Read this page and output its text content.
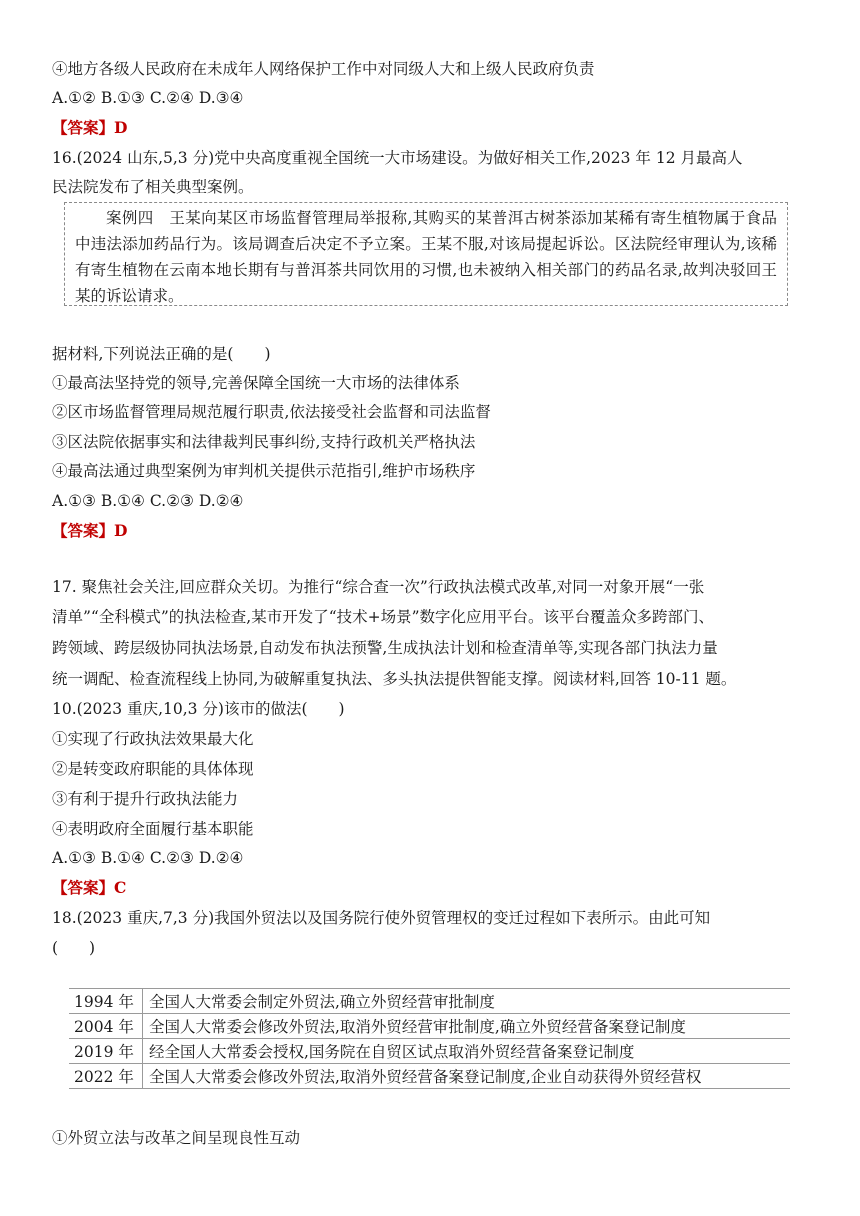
④地方各级人民政府在未成年人网络保护工作中对同级人大和上级人民政府负责
A.①② B.①③ C.②④ D.③④
【答案】D
16.(2024 山东,5,3 分)党中央高度重视全国统一大市场建设。为做好相关工作,2023 年 12 月最高人
民法院发布了相关典型案例。

案例四　王某向某区市场监督管理局举报称,其购买的某普洱古树茶添加某稀有寄生植物属于食品中违法添加药品行为。该局调查后决定不予立案。王某不服,对该局提起诉讼。区法院经审理认为,该稀有寄生植物在云南本地长期有与普洱茶共同饮用的习惯,也未被纳入相关部门的药品名录,故判决驳回王某的诉讼请求。

据材料,下列说法正确的是(　　)
①最高法坚持党的领导,完善保障全国统一大市场的法律体系
②区市场监督管理局规范履行职责,依法接受社会监督和司法监督
③区法院依据事实和法律裁判民事纠纷,支持行政机关严格执法
④最高法通过典型案例为审判机关提供示范指引,维护市场秩序
A.①③ B.①④ C.②③ D.②④
【答案】D
17. 聚焦社会关注,回应群众关切。为推行“综合查一次”行政执法模式改革,对同一对象开展“一张
清单”“全科模式”的执法检查,某市开发了“技术+场景”数字化应用平台。该平台覆盖众多跨部门、
跨领域、跨层级协同执法场景,自动发布执法预警,生成执法计划和检查清单等,实现各部门执法力量
统一调配、检查流程线上协同,为破解重复执法、多头执法提供智能支撑。阅读材料,回答 10-11 题。
10.(2023 重庆,10,3 分)该市的做法(　　)
①实现了行政执法效果最大化
②是转变政府职能的具体体现
③有利于提升行政执法能力
④表明政府全面履行基本职能
A.①③ B.①④ C.②③ D.②④
【答案】C
18.(2023 重庆,7,3 分)我国外贸法以及国务院行使外贸管理权的变迁过程如下表所示。由此可知
(　　)
1994 年	全国人大常委会制定外贸法,确立外贸经营审批制度
2004 年	全国人大常委会修改外贸法,取消外贸经营审批制度,确立外贸经营备案登记制度
2019 年	经全国人大常委会授权,国务院在自贸区试点取消外贸经营备案登记制度
2022 年	全国人大常委会修改外贸法,取消外贸经营备案登记制度,企业自动获得外贸经营权
①外贸立法与改革之间呈现良性互动
